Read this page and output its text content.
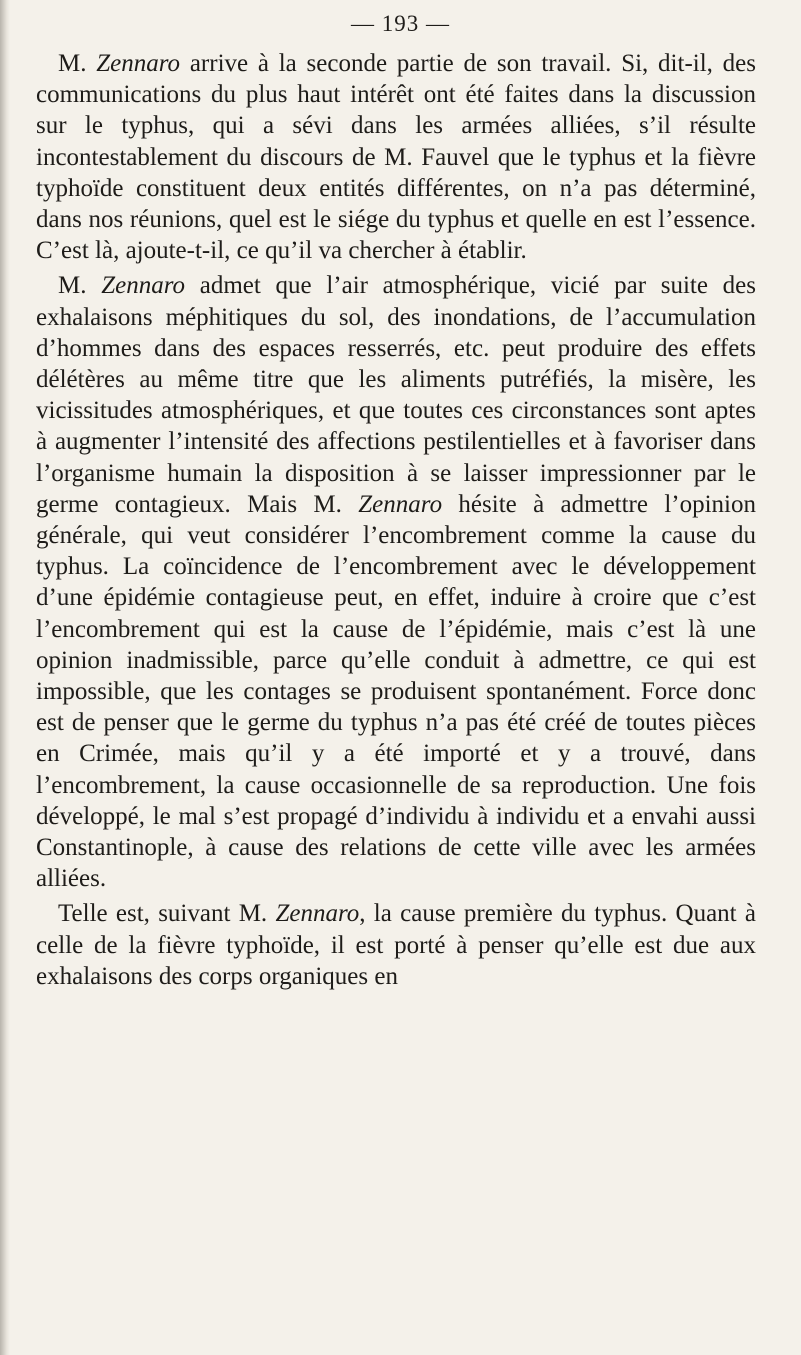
— 193 —

M. Zennaro arrive à la seconde partie de son travail. Si, dit-il, des communications du plus haut intérêt ont été faites dans la discussion sur le typhus, qui a sévi dans les armées alliées, s’il résulte incontestablement du discours de M. Fauvel que le typhus et la fièvre typhoïde constituent deux entités différentes, on n’a pas déterminé, dans nos réunions, quel est le siége du typhus et quelle en est l’essence. C’est là, ajoute-t-il, ce qu’il va chercher à établir.

M. Zennaro admet que l’air atmosphérique, vicié par suite des exhalaisons méphitiques du sol, des inondations, de l’accumulation d’hommes dans des espaces resserrés, etc. peut produire des effets délétères au même titre que les aliments putréfiés, la misère, les vicissitudes atmosphériques, et que toutes ces circonstances sont aptes à augmenter l’intensité des affections pestilentielles et à favoriser dans l’organisme humain la disposition à se laisser impressionner par le germe contagieux. Mais M. Zennaro hésite à admettre l’opinion générale, qui veut considérer l’encombrement comme la cause du typhus. La coïncidence de l’encombrement avec le développement d’une épidémie contagieuse peut, en effet, induire à croire que c’est l’encombrement qui est la cause de l’épidémie, mais c’est là une opinion inadmissible, parce qu’elle conduit à admettre, ce qui est impossible, que les contages se produisent spontanément. Force donc est de penser que le germe du typhus n’a pas été créé de toutes pièces en Crimée, mais qu’il y a été importé et y a trouvé, dans l’encombrement, la cause occasionnelle de sa reproduction. Une fois développé, le mal s’est propagé d’individu à individu et a envahi aussi Constantinople, à cause des relations de cette ville avec les armées alliées.

Telle est, suivant M. Zennaro, la cause première du typhus. Quant à celle de la fièvre typhoïde, il est porté à penser qu’elle est due aux exhalaisons des corps organiques en
